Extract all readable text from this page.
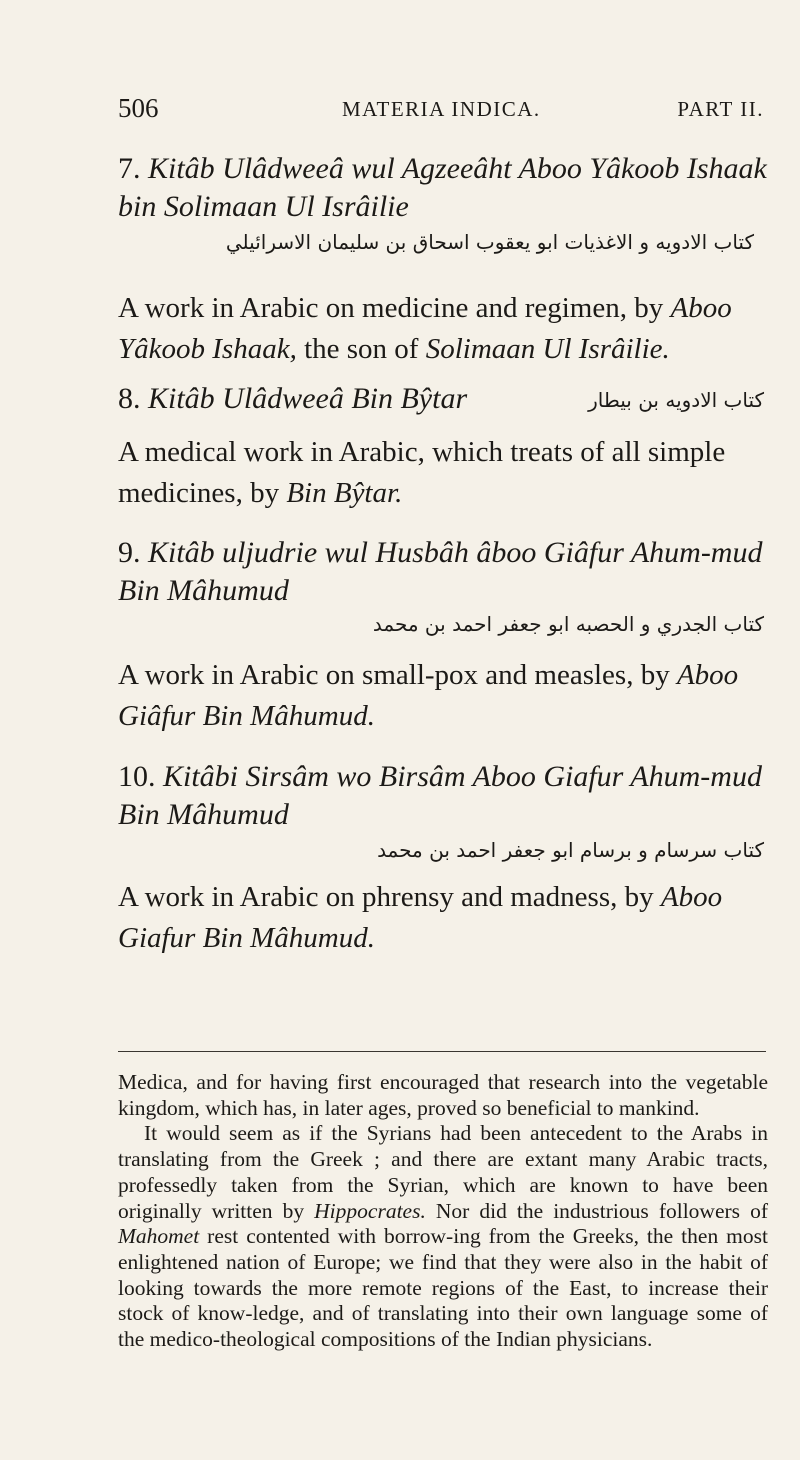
506	MATERIA INDICA.	PART II.
7. Kitâb Ulâdweeâ wul Agzeeâht Aboo Yâkoob Ishaak bin Solimaan Ul Isrâilie
كتاب الادويه و الاغذيات ابو يعقوب اسحاق بن سليمان الاسرائيلي
A work in Arabic on medicine and regimen, by Aboo Yâkoob Ishaak, the son of Solimaan Ul Isrâilie.
8. Kitâb Ulâdweeâ Bin Bŷtar	كتاب الادويه بن بيطار
A medical work in Arabic, which treats of all simple medicines, by Bin Bŷtar.
9. Kitâb uljudrie wul Husbâh âboo Giâfur Ahum-mud Bin Mâhumud
كتاب الجدري و الحصبه ابو جعفر احمد بن محمد
A work in Arabic on small-pox and measles, by Aboo Giâfur Bin Mâhumud.
10. Kitâbi Sirsâm wo Birsâm Aboo Giafur Ahum-mud Bin Mâhumud
كتاب سرسام و برسام ابو جعفر احمد بن محمد
A work in Arabic on phrensy and madness, by Aboo Giafur Bin Mâhumud.

Medica, and for having first encouraged that research into the vegetable kingdom, which has, in later ages, proved so beneficial to mankind.

It would seem as if the Syrians had been antecedent to the Arabs in translating from the Greek ; and there are extant many Arabic tracts, professedly taken from the Syrian, which are known to have been originally written by Hippocrates. Nor did the industrious followers of Mahomet rest contented with borrow-ing from the Greeks, the then most enlightened nation of Europe; we find that they were also in the habit of looking towards the more remote regions of the East, to increase their stock of know-ledge, and of translating into their own language some of the medico-theological compositions of the Indian physicians.
